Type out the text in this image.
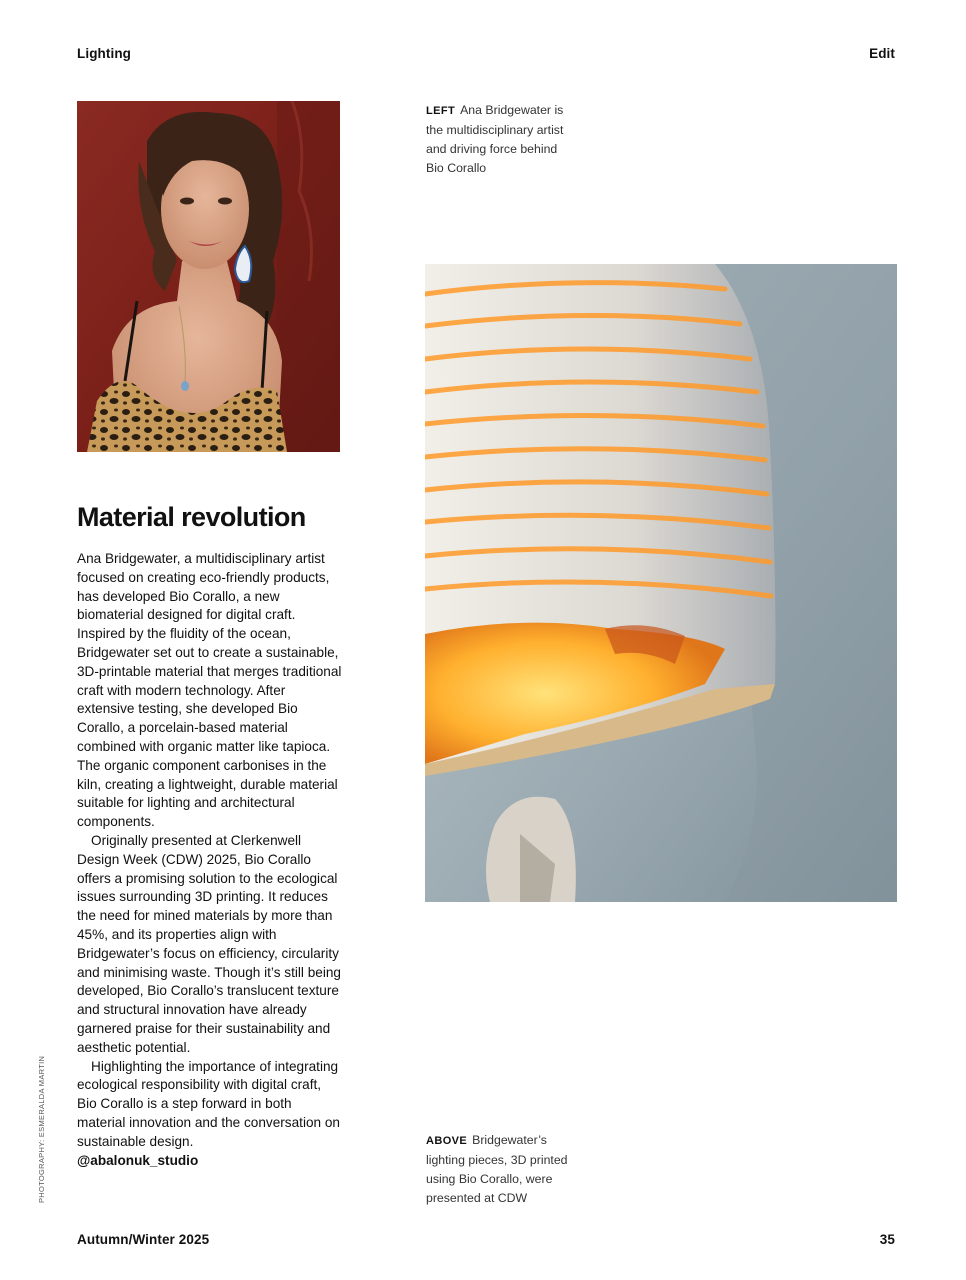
Lighting	Edit
LEFT Ana Bridgewater is
the multidisciplinary artist
and driving force behind
Bio Corallo
Material revolution

Ana Bridgewater, a multidisciplinary artist focused on creating eco-friendly products, has developed Bio Corallo, a new biomaterial designed for digital craft. Inspired by the fluidity of the ocean, Bridgewater set out to create a sustainable, 3D-printable material that merges traditional craft with modern technology. After extensive testing, she developed Bio Corallo, a porcelain-based material combined with organic matter like tapioca. The organic component carbonises in the kiln, creating a lightweight, durable material suitable for lighting and architectural components.

Originally presented at Clerkenwell Design Week (CDW) 2025, Bio Corallo offers a promising solution to the ecological issues surrounding 3D printing. It reduces the need for mined materials by more than 45%, and its properties align with Bridgewater’s focus on efficiency, circularity and minimising waste. Though it’s still being developed, Bio Corallo’s translucent texture and structural innovation have already garnered praise for their sustainability and aesthetic potential.

Highlighting the importance of integrating ecological responsibility with digital craft, Bio Corallo is a step forward in both material innovation and the conversation on sustainable design.

@abalonuk_studio

ABOVE Bridgewater’s
lighting pieces, 3D printed
using Bio Corallo, were
presented at CDW
PHOTOGRAPHY: ESMERALDA MARTIN
Autumn/Winter 2025	35
